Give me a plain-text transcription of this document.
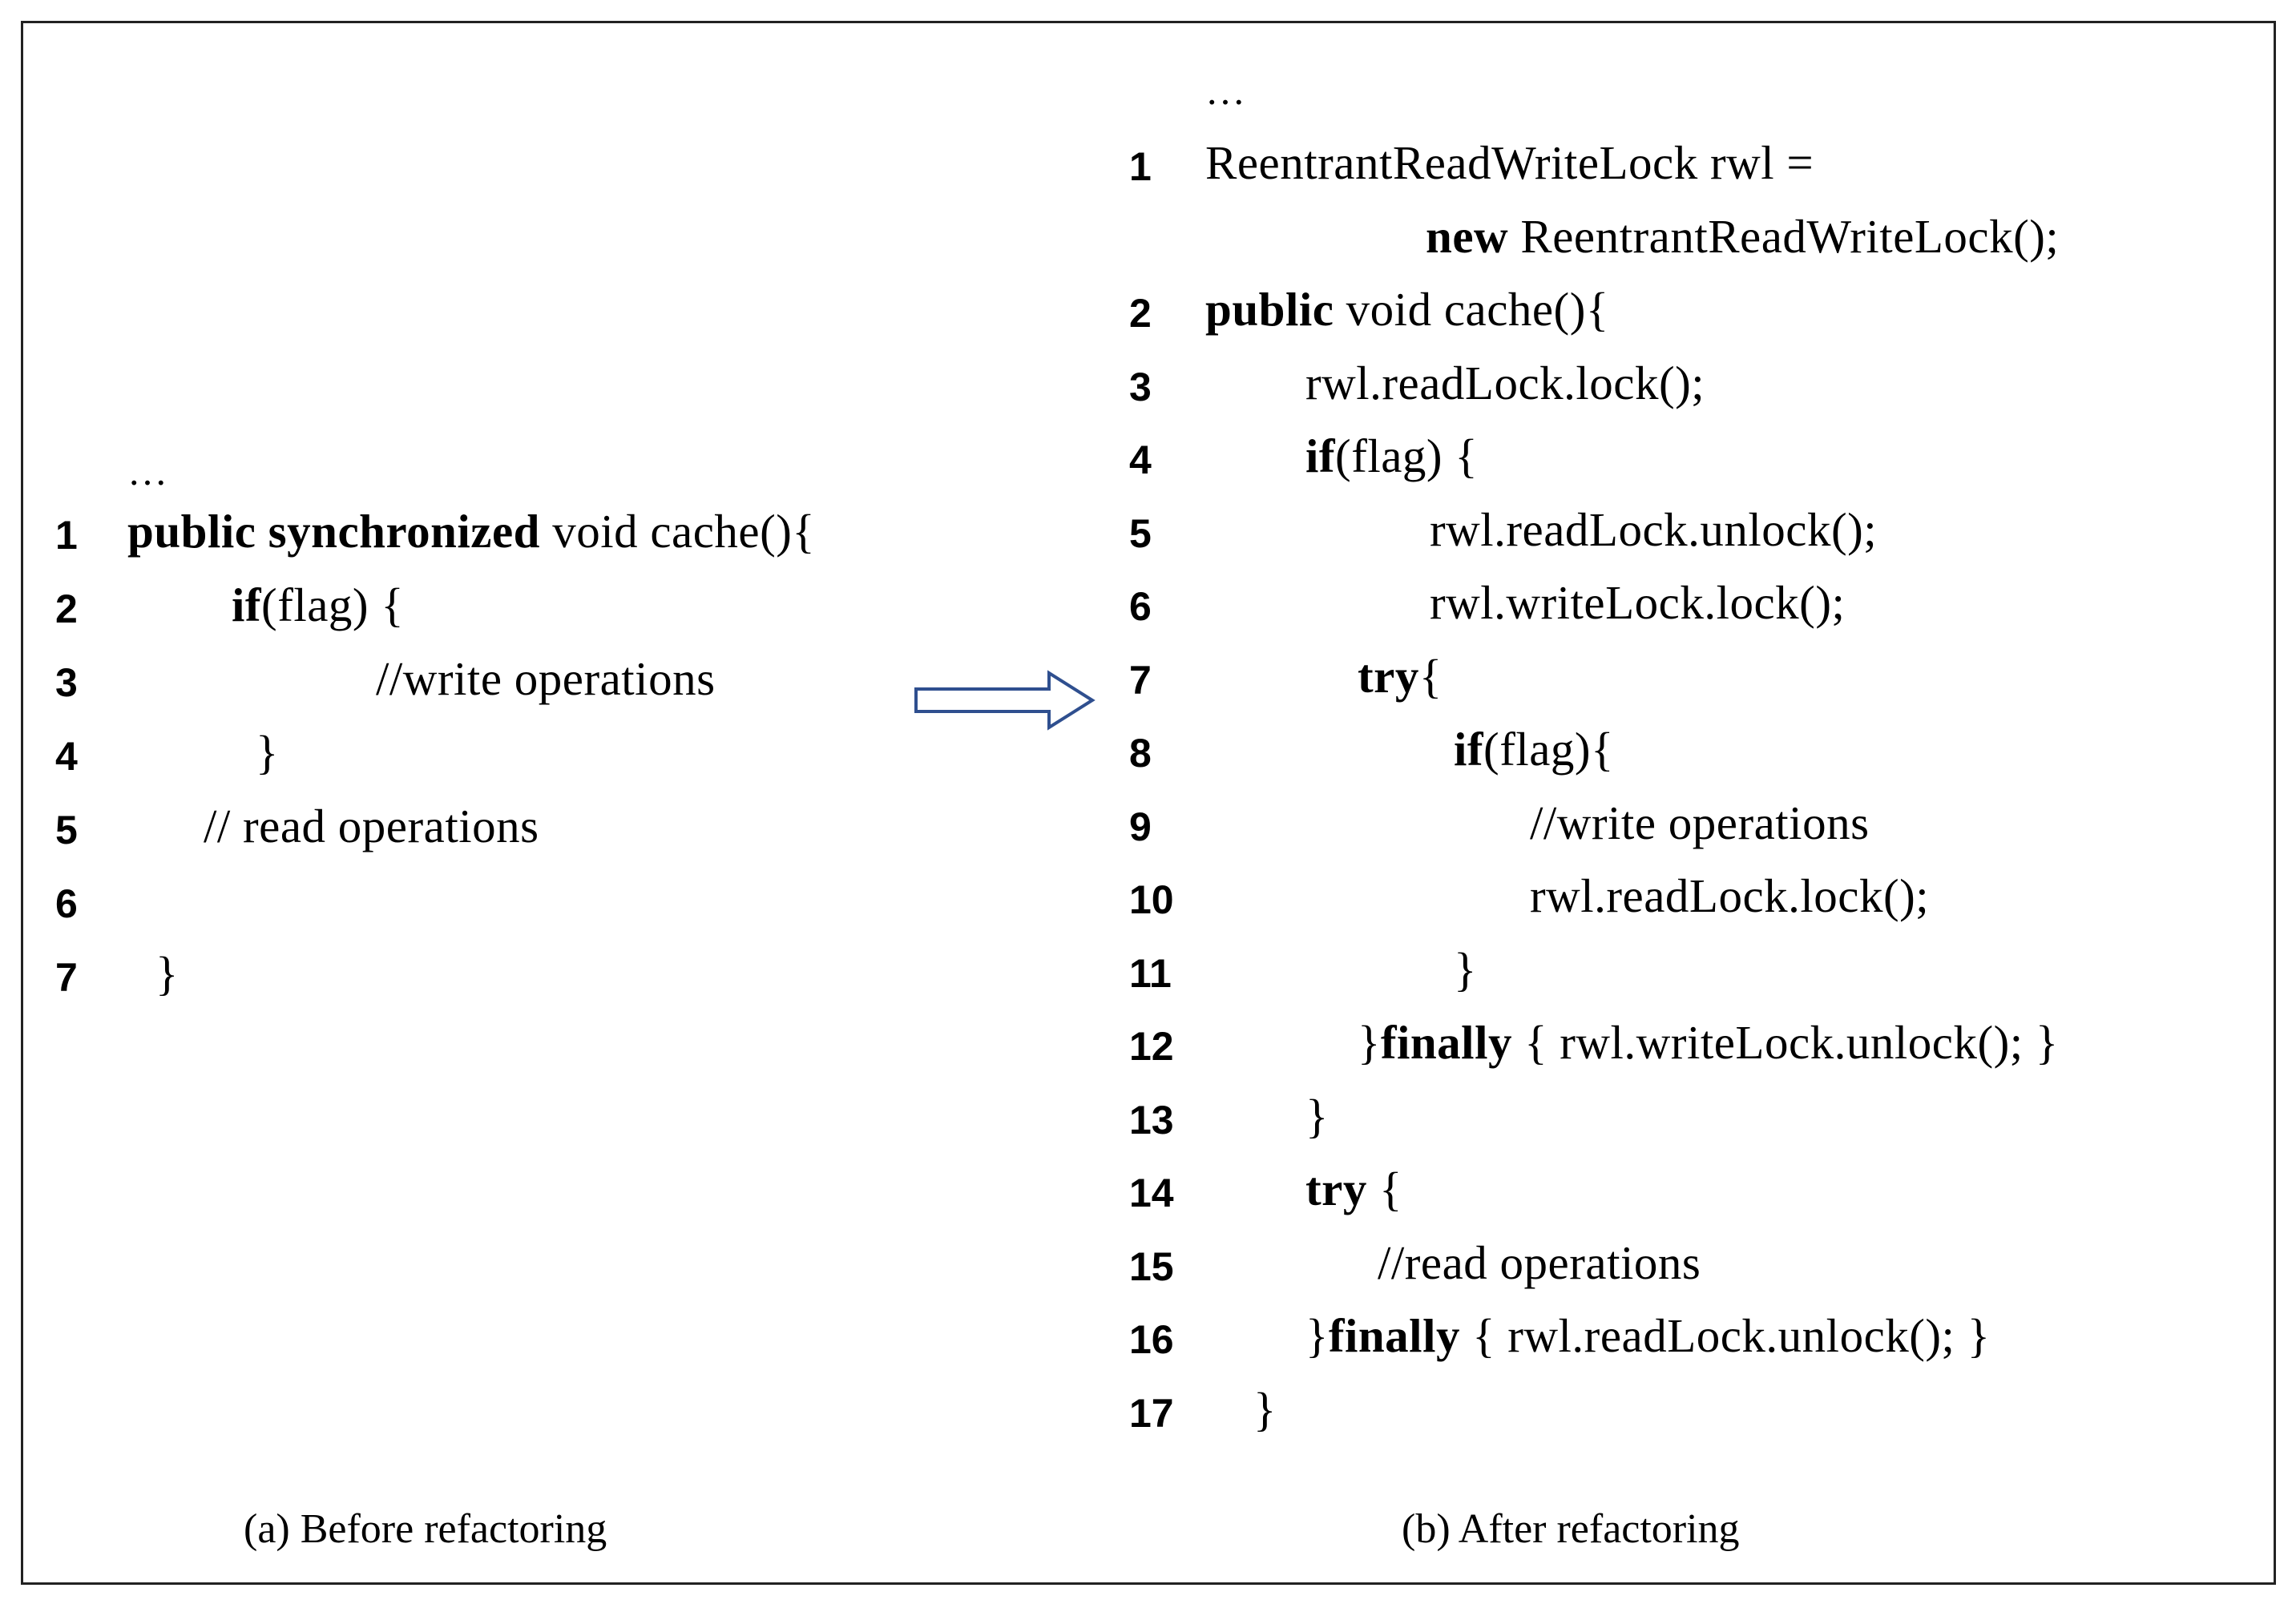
…
1 public synchronized void cache(){
2	if(flag) {
3	//write operations
4	}
5	// read operations
6
7 }
…
1 ReentrantReadWriteLock rwl =
new ReentrantReadWriteLock();
2 public void cache(){
3	rwl.readLock.lock();
4	if(flag) {
5	rwl.readLock.unlock();
6	rwl.writeLock.lock();
7	try{
8	if(flag){
9	//write operations
10	rwl.readLock.lock();
11	}
12	}finally { rwl.writeLock.unlock(); }
13	}
14	try {
15	//read operations
16	}finally { rwl.readLock.unlock(); }
17 }
(a) Before refactoring	(b) After refactoring
